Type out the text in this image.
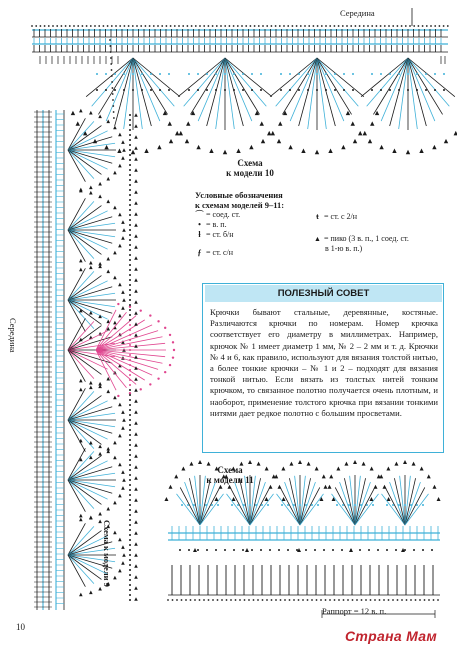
Схема
к модели 10
Условные обозначения
к схемам моделей 9–11:
⌒ = соед. ст.
• = в. п.
ƚ = ст. б/н
ƒ = ст. с/н
ŧ = ст. с 2/н
▲ = пико (3 в. п., 1 соед. ст.
в 1-ю в. п.)
ПОЛЕЗНЫЙ СОВЕТ
Крючки бывают стальные, деревянные, костяные. Различаются крючки по номерам. Номер крючка соответствует его диаметру в миллиметрах. Например, крючок № 1 имеет диаметр 1 мм, № 2 – 2 мм и т. д. Крючки № 4 и 6, как правило, используют для вязания толстой нитью, а более тонкие крючки – № 1 и 2 – подходят для вязания тонкой нитью. Если вязать из толстых нитей тонким крючком, то связанное полотно получается очень плотным, и наоборот, применение толстого крючка при вязании тонкими нитями дает редкое полотно с большим просветами.
Схема
к модели 11
Середина
Середина
Схема к модели 9
Раппорт = 12 в. п.
10
Страна Мам
